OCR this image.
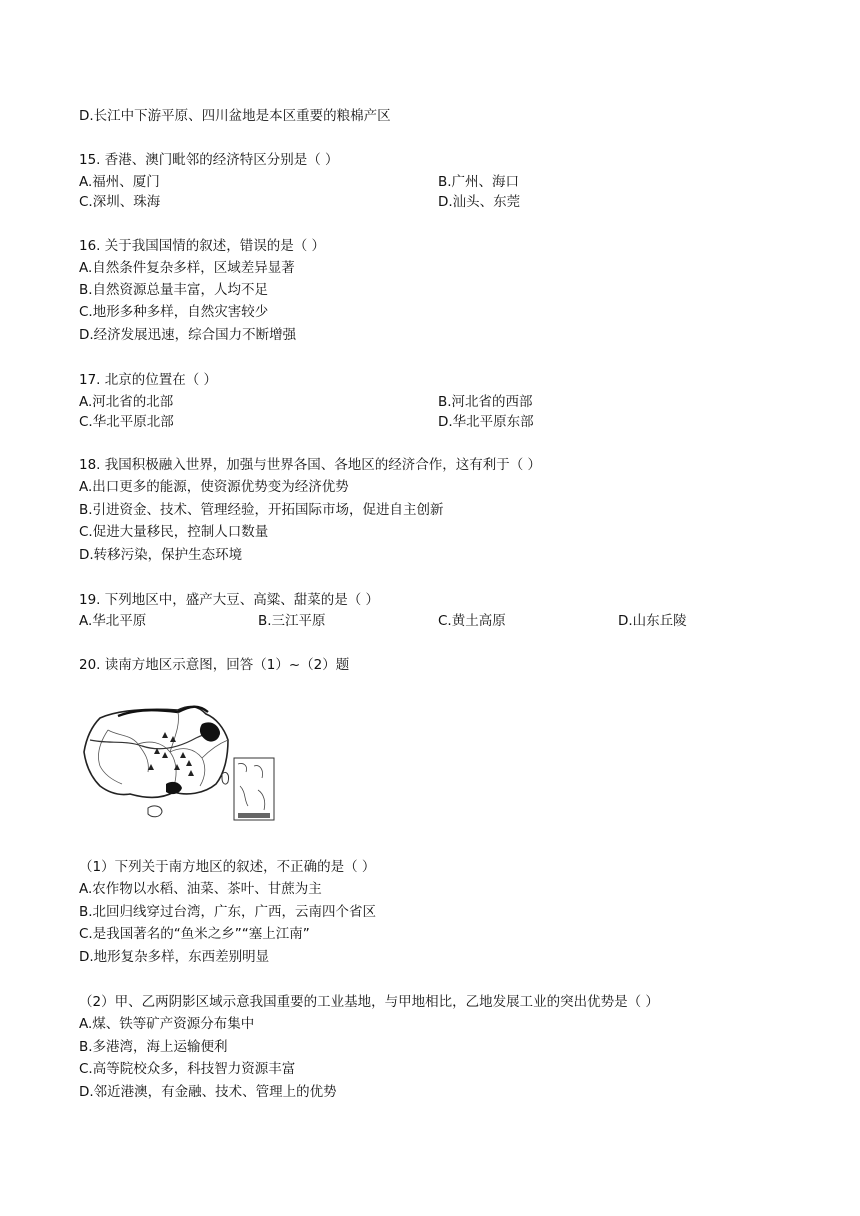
D.长江中下游平原、四川盆地是本区重要的粮棉产区
15. 香港、澳门毗邻的经济特区分别是（ ）
A.福州、厦门	B.广州、海口
C.深圳、珠海	D.汕头、东莞
16. 关于我国国情的叙述，错误的是（ ）
A.自然条件复杂多样，区域差异显著
B.自然资源总量丰富，人均不足
C.地形多种多样，自然灾害较少
D.经济发展迅速，综合国力不断增强
17. 北京的位置在（ ）
A.河北省的北部	B.河北省的西部
C.华北平原北部	D.华北平原东部
18. 我国积极融入世界，加强与世界各国、各地区的经济合作，这有利于（ ）
A.出口更多的能源，使资源优势变为经济优势
B.引进资金、技术、管理经验，开拓国际市场，促进自主创新
C.促进大量移民，控制人口数量
D.转移污染，保护生态环境
19. 下列地区中，盛产大豆、高粱、甜菜的是（ ）
A.华北平原	B.三江平原	C.黄土高原	D.山东丘陵
20. 读南方地区示意图，回答（1）~（2）题
（1）下列关于南方地区的叙述，不正确的是（ ）
A.农作物以水稻、油菜、茶叶、甘蔗为主
B.北回归线穿过台湾，广东，广西，云南四个省区
C.是我国著名的“鱼米之乡”“塞上江南”
D.地形复杂多样，东西差别明显
（2）甲、乙两阴影区域示意我国重要的工业基地，与甲地相比，乙地发展工业的突出优势是（ ）
A.煤、铁等矿产资源分布集中
B.多港湾，海上运输便利
C.高等院校众多，科技智力资源丰富
D.邻近港澳，有金融、技术、管理上的优势
